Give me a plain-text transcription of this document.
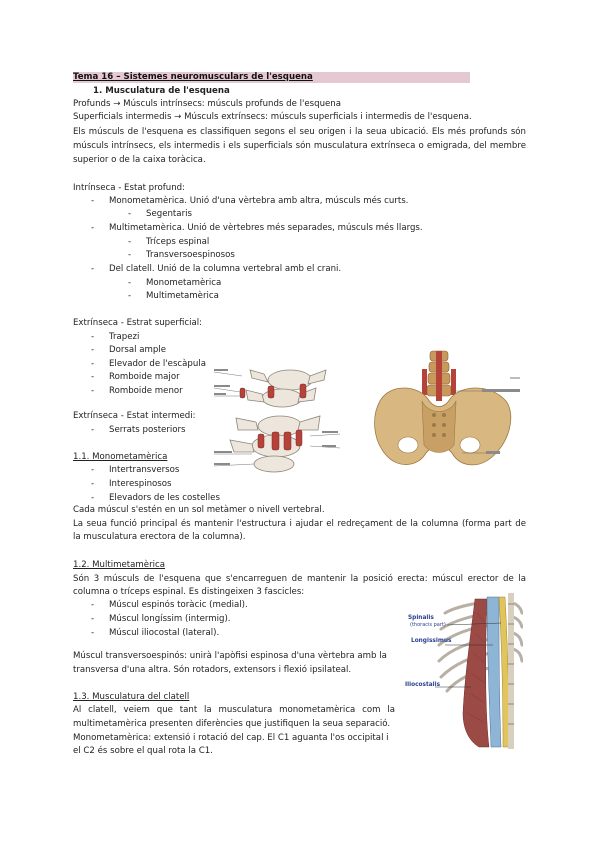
Tema 16 – Sistemes neuromusculars de l'esquena
1. Musculatura de l'esquena
Profunds → Músculs intrínsecs: músculs profunds de l'esquena
Superficials intermedis → Músculs extrínsecs: músculs superficials i intermedis de l'esquena.
Els músculs de l'esquena es classifiquen segons el seu origen i la seua ubicació. Els més profunds són
músculs intrínsecs, els intermedis i els superficials són musculatura extrínseca o emigrada, del membre
superior o de la caixa toràcica.
Intrínseca - Estat profund:
- Monometamèrica. Unió d'una vèrtebra amb altra, músculs més curts.
- Segentaris
- Multimetamèrica. Unió de vèrtebres més separades, músculs més llargs.
- Tríceps espinal
- Transversoespinosos
- Del clatell. Unió de la columna vertebral amb el crani.
- Monometamèrica
- Multimetamèrica
Extrínseca - Estrat superficial:
- Trapezi
- Dorsal ample
- Elevador de l'escàpula
- Romboide major
- Romboide menor
Extrínseca - Estat intermedi:
- Serrats posteriors
1.1. Monometamèrica
- Intertransversos
- Interespinosos
- Elevadors de les costelles
Cada múscul s'estén en un sol metàmer o nivell vertebral.
La seua funció principal és mantenir l'estructura i ajudar el redreçament de la columna (forma part de
la musculatura erectora de la columna).
1.2. Multimetamèrica
Són 3 músculs de l'esquena que s'encarreguen de mantenir la posició erecta: múscul erector de la
columna o tríceps espinal. Es distingeixen 3 fascicles:
- Múscul espinós toràcic (medial).
- Múscul longíssim (intermig).
- Múscul iliocostal (lateral).
Múscul transversoespinós: unirà l'apòfisi espinosa d'una vèrtebra amb la
transversa d'una altra. Són rotadors, extensors i flexió ipsilateal.
1.3. Musculatura del clatell
Al clatell, veiem que tant la musculatura monometamèrica com la
multimetamèrica presenten diferències que justifiquen la seua separació.
Monometamèrica: extensió i rotació del cap. El C1 aguanta l'os occipital i
el C2 és sobre el qual rota la C1.
Spinalis
(thoracis part)
Longissimus
Iliocostalis
